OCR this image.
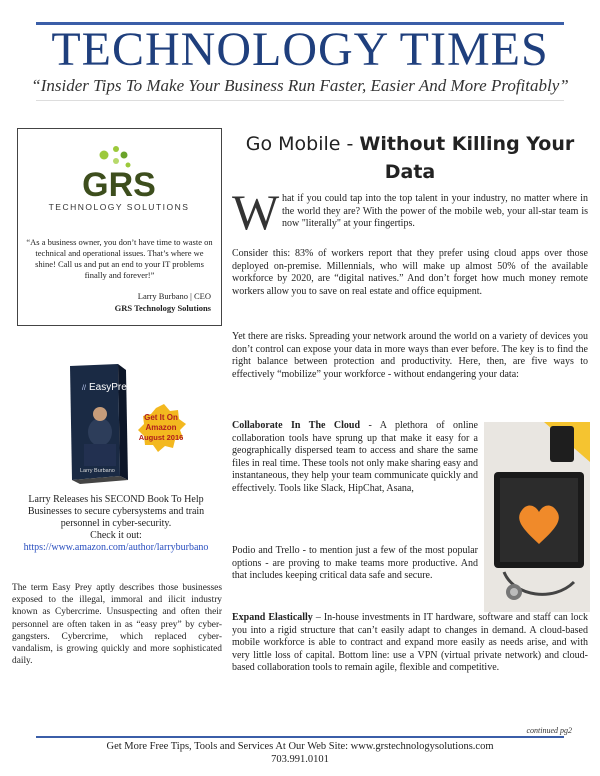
TECHNOLOGY TIMES
“Insider Tips To Make Your Business Run Faster, Easier And More Profitably”
GRS
TECHNOLOGY SOLUTIONS
“As a business owner, you don’t have time to waste on technical and operational issues. That’s where we shine! Call us and put an end to your IT problems finally and forever!”
Larry Burbano | CEO
GRS Technology Solutions
// EasyPrey
Larry Burbano
Get It On
Amazon
August 2016
Larry Releases his SECOND Book To Help Businesses to secure cybersystems and train personnel in cyber-security.
Check it out:
https://www.amazon.com/author/larryburbano
The term Easy Prey aptly describes those businesses exposed to the illegal, immoral and ilicit industry known as Cybercrime. Unsuspecting and often their personnel are often taken in as “easy prey” by cyber-gangsters. Cybercrime, which replaced cyber-vandalism, is growing quickly and more sophisticated daily.
Go Mobile - Without Killing Your Data
W hat if you could tap into the top talent in your industry, no matter where in the world they are? With the power of the mobile web, your all-star team is now "literally" at your fingertips.
Consider this: 83% of workers report that they prefer using cloud apps over those deployed on-premise. Millennials, who will make up almost 50% of the available workforce by 2020, are “digital natives.” And don’t forget how much money remote workers allow you to save on real estate and office equipment.
Yet there are risks. Spreading your network around the world on a variety of devices you don’t control can expose your data in more ways than ever before. The key is to find the right balance between protection and productivity. Here, then, are five ways to effectively “mobilize” your workforce - without endangering your data:
Collaborate In The Cloud - A plethora of online collaboration tools have sprung up that make it easy for a geographically dispersed team to access and share the same files in real time. These tools not only make sharing easy and instantaneous, they help your team communicate quickly and effectively. Tools like Slack, HipChat, Asana,
Podio and Trello - to mention just a few of the most popular options - are proving to make teams more productive. And that includes keeping critical data safe and secure.
Expand Elastically – In-house investments in IT hardware, software and staff can lock you into a rigid structure that can’t easily adapt to changes in demand. A cloud-based mobile workforce is able to contract and expand more easily as needs arise, and with very little loss of capital. Bottom line: use a VPN (virtual private network) and cloud-based collaboration tools to remain agile, flexible and competitive.
continued pg2
Get More Free Tips, Tools and Services At Our Web Site: www.grstechnologysolutions.com
703.991.0101
